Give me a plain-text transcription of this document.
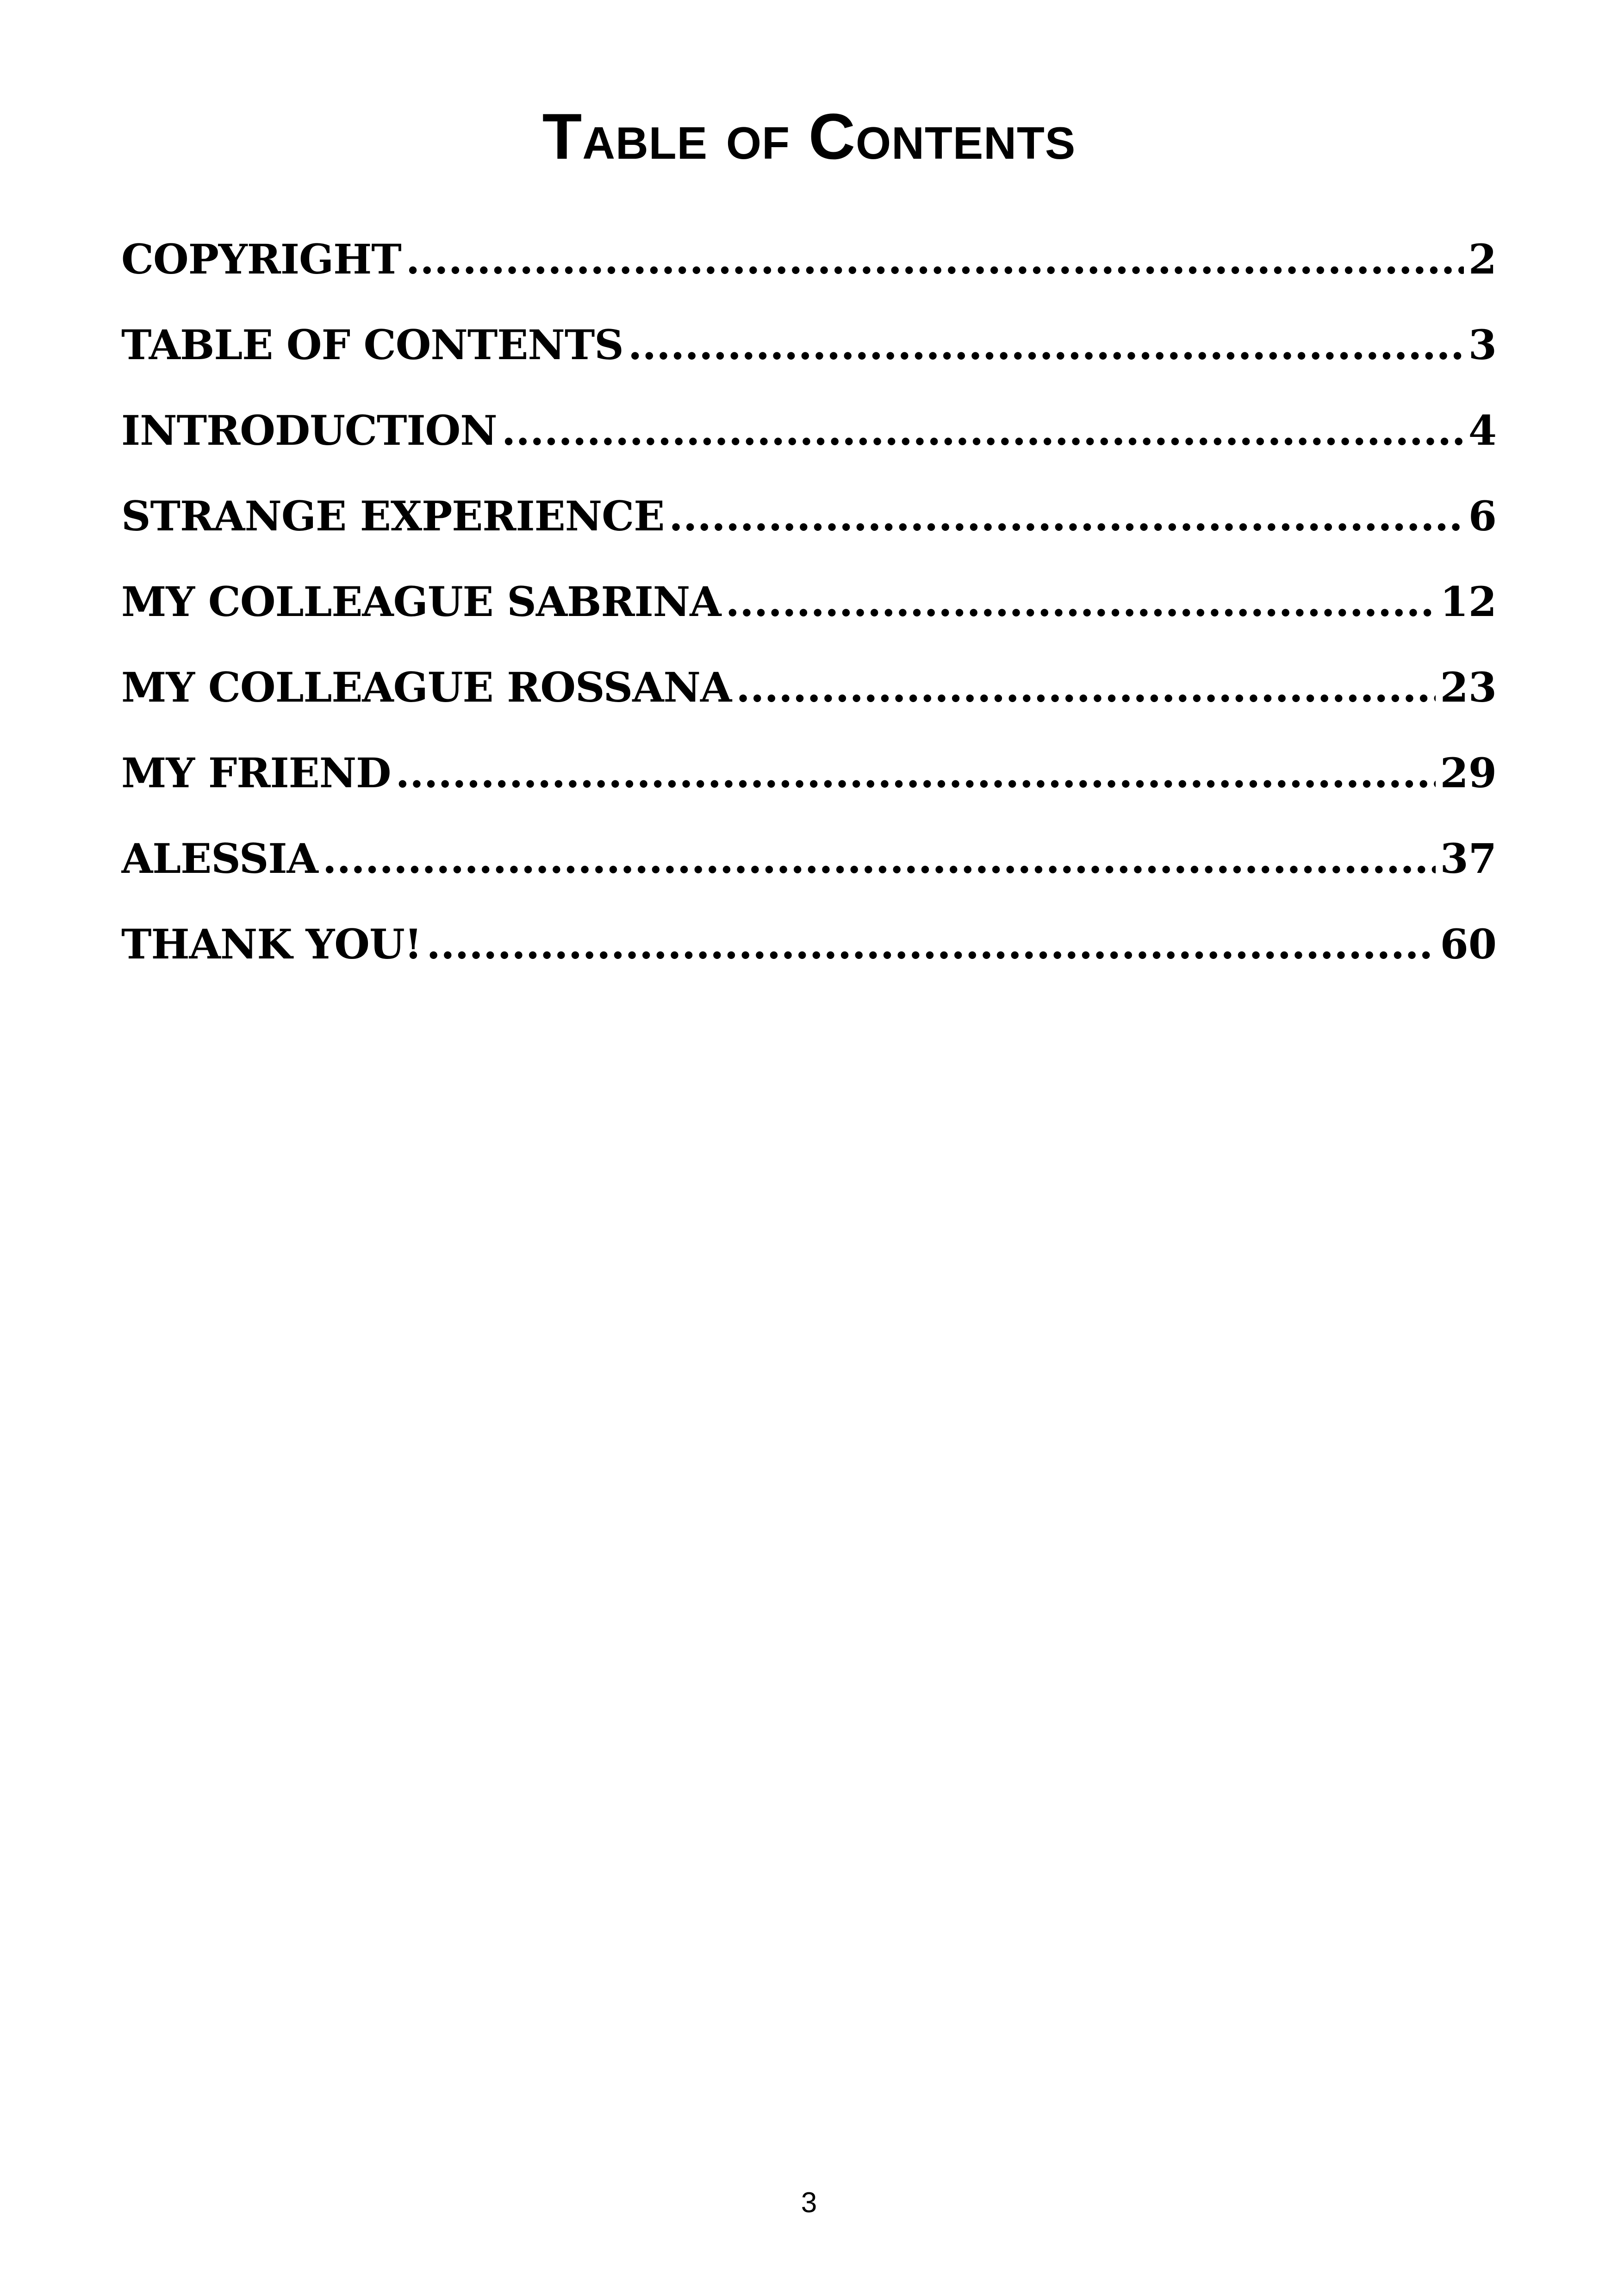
Table of Contents
COPYRIGHT .....	2
TABLE OF CONTENTS .....	3
INTRODUCTION .....	4
STRANGE EXPERIENCE .....	6
MY COLLEAGUE SABRINA .....	12
MY COLLEAGUE ROSSANA .....	23
MY FRIEND .....	29
ALESSIA .....	37
THANK YOU! .....	60
3
